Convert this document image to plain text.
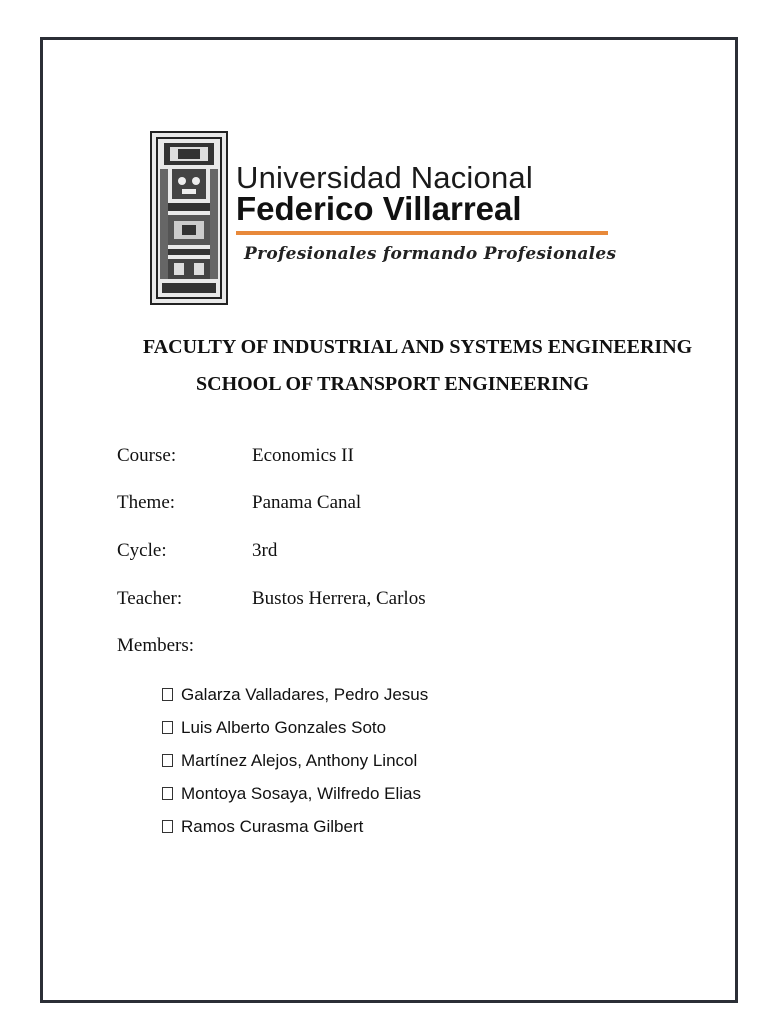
Universidad Nacional
Federico Villarreal
Profesionales formando Profesionales
FACULTY OF INDUSTRIAL AND SYSTEMS ENGINEERING
SCHOOL OF TRANSPORT ENGINEERING
Course:	Economics II
Theme:	Panama Canal
Cycle:	3rd
Teacher:	Bustos Herrera, Carlos
Members:
Galarza Valladares, Pedro Jesus
Luis Alberto Gonzales Soto
Martínez Alejos, Anthony Lincol
Montoya Sosaya, Wilfredo Elias
Ramos Curasma Gilbert
